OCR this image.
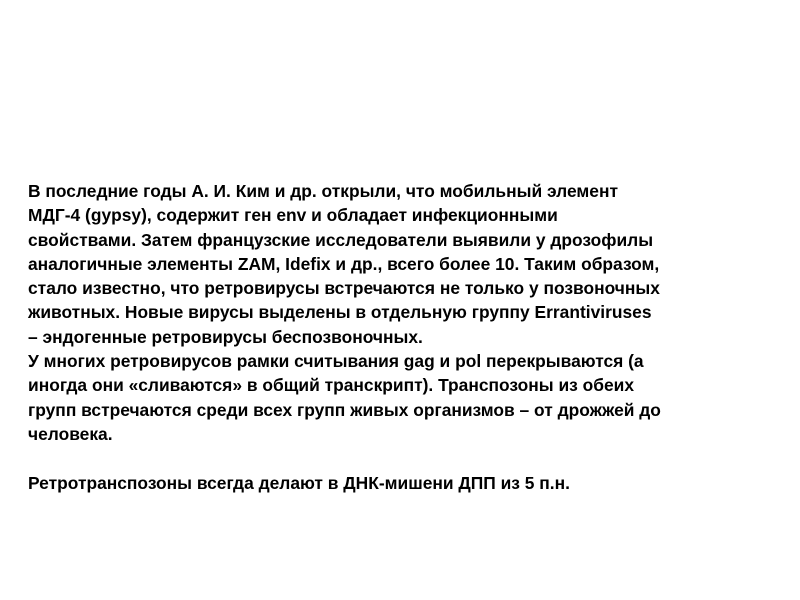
В последние годы А. И. Ким и др. открыли, что мобильный элемент
МДГ-4 (gypsy), содержит ген env и обладает инфекционными
свойствами. Затем французские исследователи выявили у дрозофилы
аналогичные элементы ZAM, Idefix и др., всего более 10. Таким образом,
стало известно, что ретровирусы встречаются не только у позвоночных
животных. Новые вирусы выделены в отдельную группу Errantiviruses
– эндогенные ретровирусы беспозвоночных.
У многих ретровирусов рамки считывания gag и pol перекрываются (а
иногда они «сливаются» в общий транскрипт). Транспозоны из обеих
групп встречаются среди всех групп живых организмов – от дрожжей до
человека.
Ретротранспозоны всегда делают в ДНК-мишени ДПП из 5 п.н.
